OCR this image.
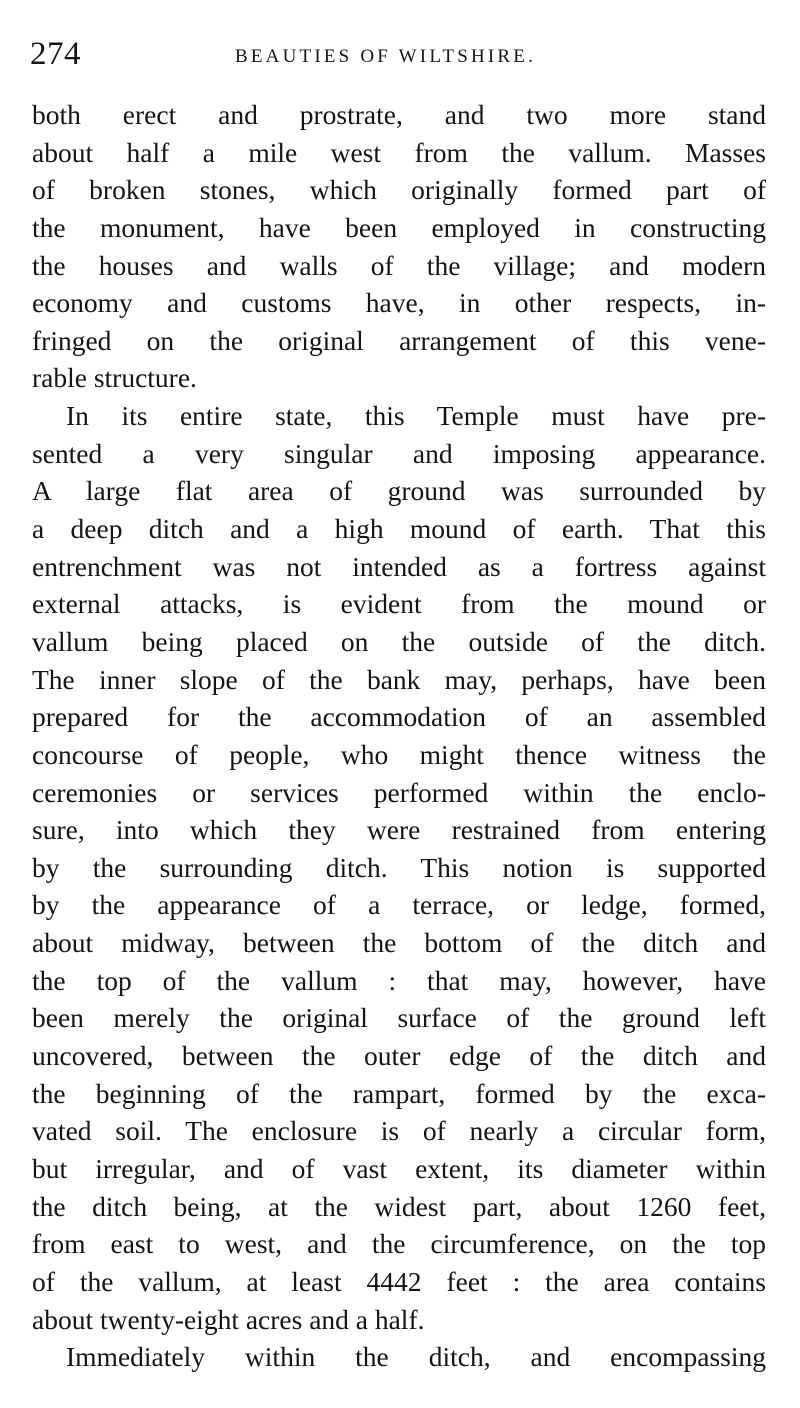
274	BEAUTIES OF WILTSHIRE.
both erect and prostrate, and two more stand
about half a mile west from the vallum. Masses
of broken stones, which originally formed part of
the monument, have been employed in constructing
the houses and walls of the village; and modern
economy and customs have, in other respects, in-
fringed on the original arrangement of this vene-
rable structure.
In its entire state, this Temple must have pre-
sented a very singular and imposing appearance.
A large flat area of ground was surrounded by
a deep ditch and a high mound of earth. That this
entrenchment was not intended as a fortress against
external attacks, is evident from the mound or
vallum being placed on the outside of the ditch.
The inner slope of the bank may, perhaps, have been
prepared for the accommodation of an assembled
concourse of people, who might thence witness the
ceremonies or services performed within the enclo-
sure, into which they were restrained from entering
by the surrounding ditch. This notion is supported
by the appearance of a terrace, or ledge, formed,
about midway, between the bottom of the ditch and
the top of the vallum : that may, however, have
been merely the original surface of the ground left
uncovered, between the outer edge of the ditch and
the beginning of the rampart, formed by the exca-
vated soil. The enclosure is of nearly a circular form,
but irregular, and of vast extent, its diameter within
the ditch being, at the widest part, about 1260 feet,
from east to west, and the circumference, on the top
of the vallum, at least 4442 feet : the area contains
about twenty-eight acres and a half.
Immediately within the ditch, and encompassing
